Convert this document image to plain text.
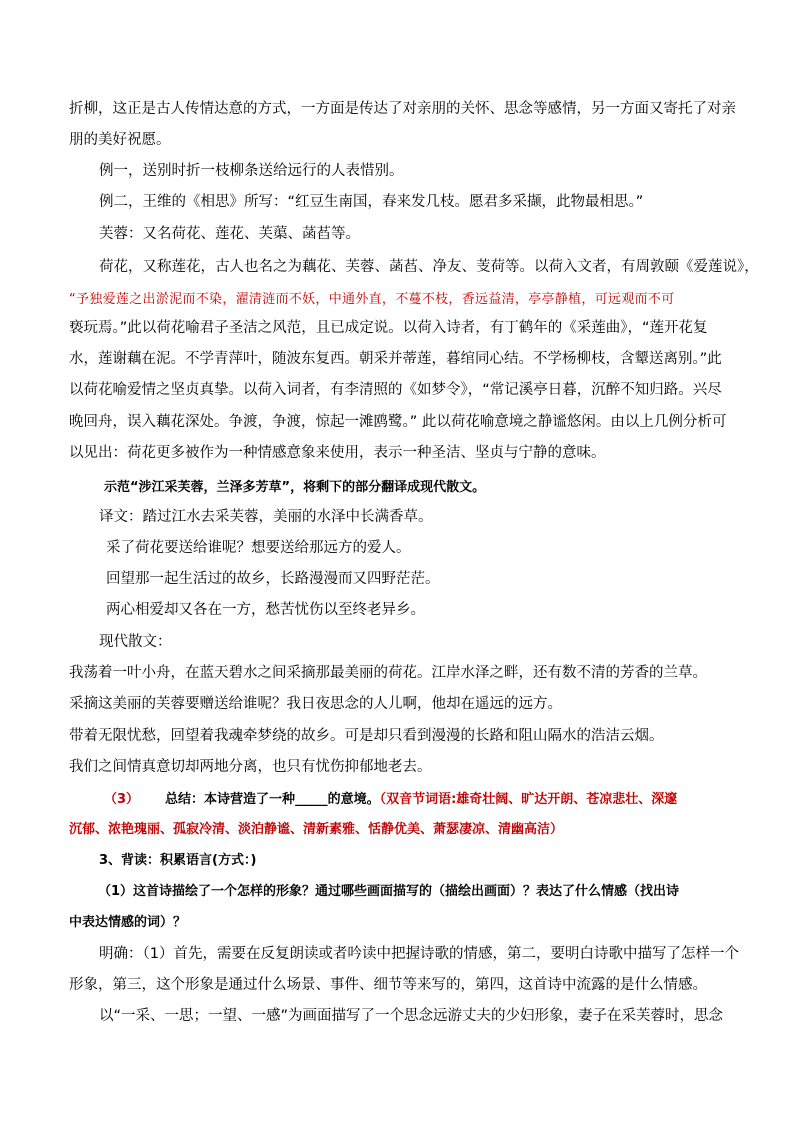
折柳，这正是古人传情达意的方式，一方面是传达了对亲朋的关怀、思念等感情，另一方面又寄托了对亲
朋的美好祝愿。
例一，送别时折一枝柳条送给远行的人表惜别。
例二，王维的《相思》所写：“红豆生南国，春来发几枝。愿君多采撷，此物最相思。”
芙蓉：又名荷花、莲花、芙蕖、菡萏等。
荷花，又称莲花，古人也名之为藕花、芙蓉、菡萏、净友、芰荷等。以荷入文者，有周敦颐《爱莲说》，
“予独爱莲之出淤泥而不染，濯清涟而不妖，中通外直，不蔓不枝，香远益清，亭亭静植，可远观而不可
亵玩焉。”此以荷花喻君子圣洁之风范，且已成定说。以荷入诗者，有丁鹤年的《采莲曲》，“莲开花复
水，莲谢藕在泥。不学青萍叶，随波东复西。朝采并蒂莲，暮绾同心结。不学杨柳枝，含颦送离别。”此
以荷花喻爱情之坚贞真挚。以荷入词者，有李清照的《如梦令》，“常记溪亭日暮，沉醉不知归路。兴尽
晚回舟，误入藕花深处。争渡，争渡，惊起一滩鸥鹭。” 此以荷花喻意境之静谧悠闲。由以上几例分析可
以见出：荷花更多被作为一种情感意象来使用，表示一种圣洁、坚贞与宁静的意味。
示范“涉江采芙蓉，兰泽多芳草”，将剩下的部分翻译成现代散文。
译文：踏过江水去采芙蓉，美丽的水泽中长满香草。
采了荷花要送给谁呢？想要送给那远方的爱人。
回望那一起生活过的故乡，长路漫漫而又四野茫茫。
两心相爱却又各在一方，愁苦忧伤以至终老异乡。
现代散文：
我荡着一叶小舟，在蓝天碧水之间采摘那最美丽的荷花。江岸水泽之畔，还有数不清的芳香的兰草。
采摘这美丽的芙蓉要赠送给谁呢？我日夜思念的人儿啊，他却在遥远的远方。
带着无限忧愁，回望着我魂牵梦绕的故乡。可是却只看到漫漫的长路和阻山隔水的浩洁云烟。
我们之间情真意切却两地分离，也只有忧伤抑郁地老去。
（3）  总结：本诗营造了一种_____的意境。（双音节词语:雄奇壮阔、旷达开朗、苍凉悲壮、深邃
沉郁、浓艳瑰丽、孤寂冷清、淡泊静谧、清新素雅、恬静优美、萧瑟凄凉、清幽高洁）
3、背读：积累语言(方式：)
（1）这首诗描绘了一个怎样的形象？通过哪些画面描写的（描绘出画面）？表达了什么情感（找出诗
中表达情感的词）？
明确：（1）首先，需要在反复朗读或者吟读中把握诗歌的情感，第二，要明白诗歌中描写了怎样一个
形象，第三，这个形象是通过什么场景、事件、细节等来写的，第四，这首诗中流露的是什么情感。
以“一采、一思；一望、一感”为画面描写了一个思念远游丈夫的少妇形象，妻子在采芙蓉时，思念
